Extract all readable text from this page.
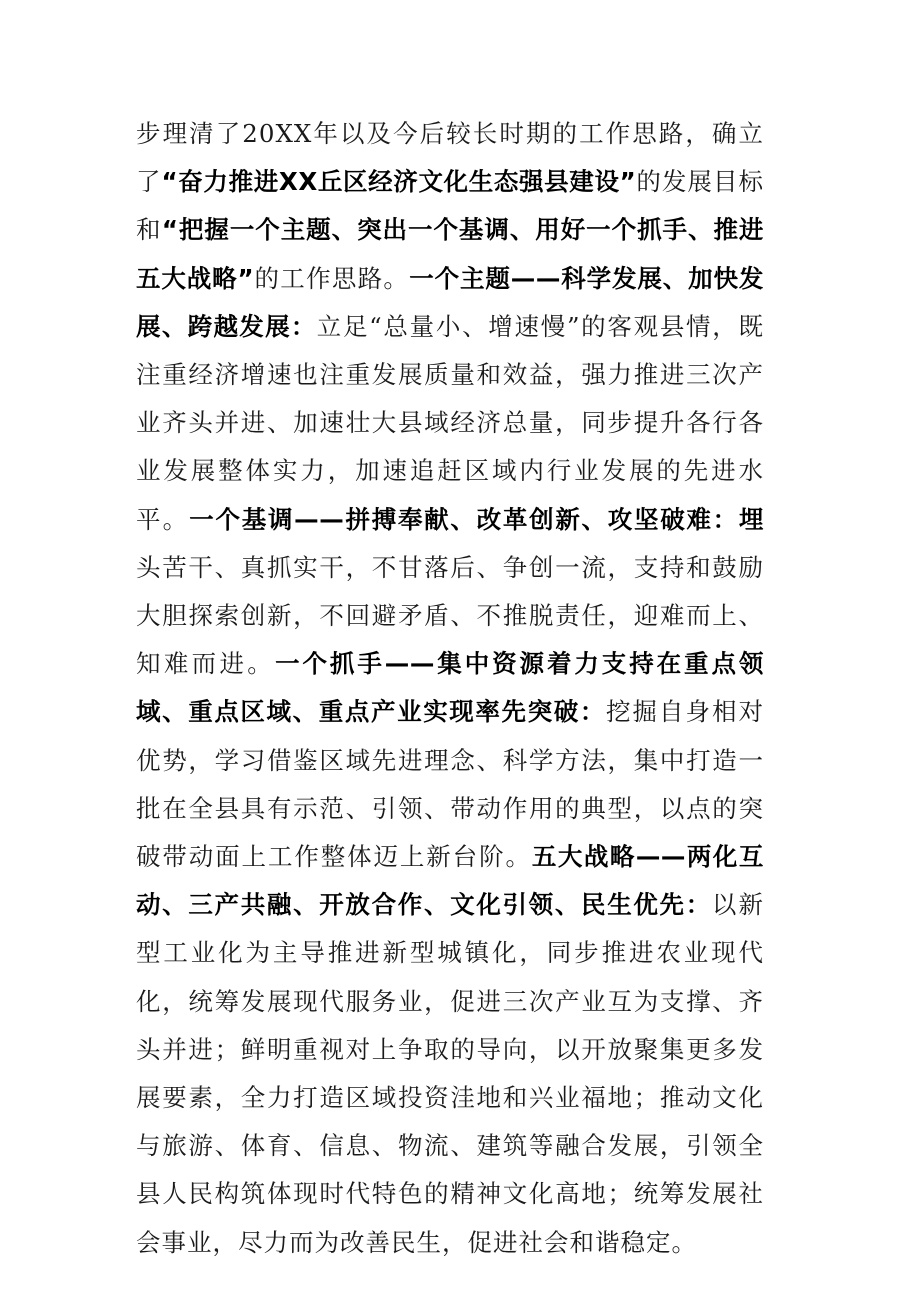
步理清了20XX年以及今后较长时期的工作思路，确立了“奋力推进XX丘区经济文化生态强县建设”的发展目标和“把握一个主题、突出一个基调、用好一个抓手、推进五大战略”的工作思路。一个主题——科学发展、加快发展、跨越发展：立足“总量小、增速慢”的客观县情，既注重经济增速也注重发展质量和效益，强力推进三次产业齐头并进、加速壮大县域经济总量，同步提升各行各业发展整体实力，加速追赶区域内行业发展的先进水平。一个基调——拼搏奉献、改革创新、攻坚破难：埋头苦干、真抓实干，不甘落后、争创一流，支持和鼓励大胆探索创新，不回避矛盾、不推脱责任，迎难而上、知难而进。一个抓手——集中资源着力支持在重点领域、重点区域、重点产业实现率先突破：挖掘自身相对优势，学习借鉴区域先进理念、科学方法，集中打造一批在全县具有示范、引领、带动作用的典型，以点的突破带动面上工作整体迈上新台阶。五大战略——两化互动、三产共融、开放合作、文化引领、民生优先：以新型工业化为主导推进新型城镇化，同步推进农业现代化，统筹发展现代服务业，促进三次产业互为支撑、齐头并进；鲜明重视对上争取的导向，以开放聚集更多发展要素，全力打造区域投资洼地和兴业福地；推动文化与旅游、体育、信息、物流、建筑等融合发展，引领全县人民构筑体现时代特色的精神文化高地；统筹发展社会事业，尽力而为改善民生，促进社会和谐稳定。
